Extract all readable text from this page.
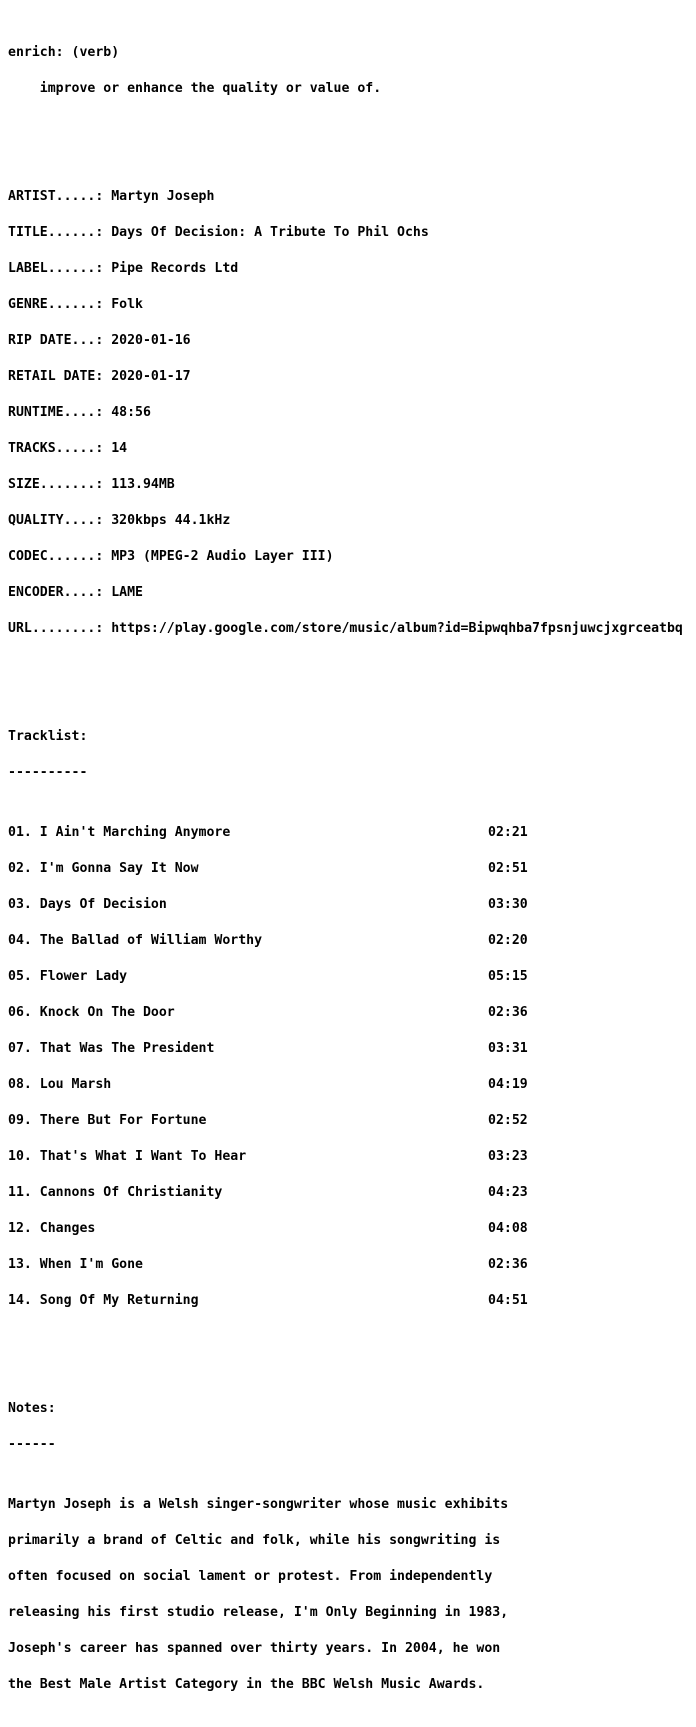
enrich: (verb)

improve or enhance the quality or value of.

ARTIST.....: Martyn Joseph

TITLE......: Days Of Decision: A Tribute To Phil Ochs

LABEL......: Pipe Records Ltd

GENRE......: Folk

RIP DATE...: 2020-01-16

RETAIL DATE: 2020-01-17

RUNTIME....: 48:56

TRACKS.....: 14

SIZE.......: 113.94MB

QUALITY....: 320kbps 44.1kHz

CODEC......: MP3 (MPEG-2 Audio Layer III)

ENCODER....: LAME

URL........: https://play.google.com/store/music/album?id=Bipwqhba7fpsnjuwcjxgrceatbq

Tracklist:

----------

01. I Ain't Marching Anymore	02:21

02. I'm Gonna Say It Now	02:51

03. Days Of Decision	03:30

04. The Ballad of William Worthy	02:20

05. Flower Lady	05:15

06. Knock On The Door	02:36

07. That Was The President	03:31

08. Lou Marsh	04:19

09. There But For Fortune	02:52

10. That's What I Want To Hear	03:23

11. Cannons Of Christianity	04:23

12. Changes	04:08

13. When I'm Gone	02:36

14. Song Of My Returning	04:51

Notes:

------

Martyn Joseph is a Welsh singer-songwriter whose music exhibits

primarily a brand of Celtic and folk, while his songwriting is

often focused on social lament or protest. From independently

releasing his first studio release, I'm Only Beginning in 1983,

Joseph's career has spanned over thirty years. In 2004, he won

the Best Male Artist Category in the BBC Welsh Music Awards.
